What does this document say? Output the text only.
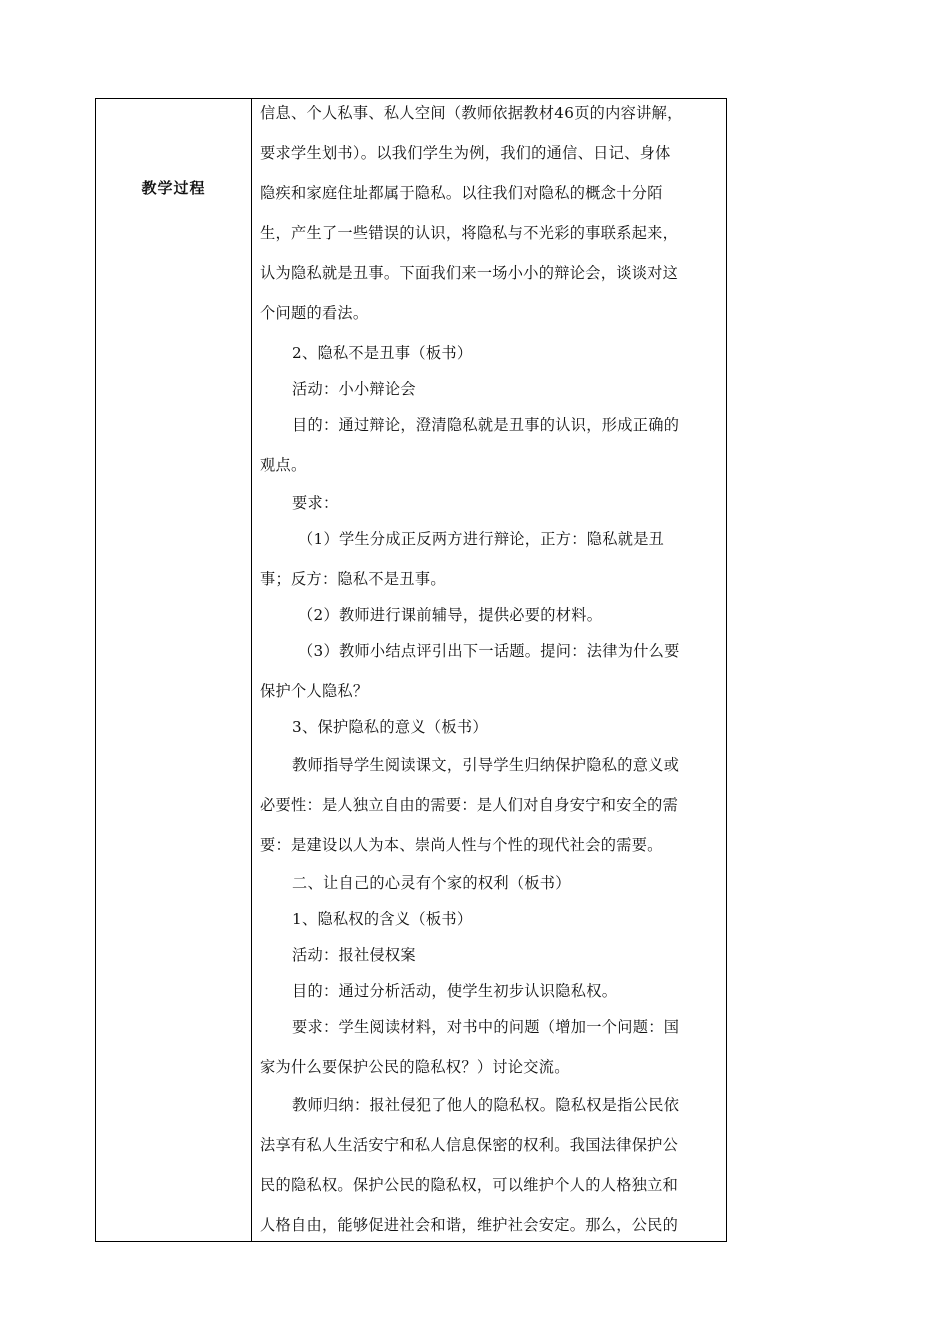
教学过程
信息、个人私事、私人空间（教师依据教材46页的内容讲解，
要求学生划书）。以我们学生为例，我们的通信、日记、身体
隐疾和家庭住址都属于隐私。以往我们对隐私的概念十分陌
生，产生了一些错误的认识，将隐私与不光彩的事联系起来，
认为隐私就是丑事。下面我们来一场小小的辩论会，谈谈对这
个问题的看法。
2、隐私不是丑事（板书）
活动：小小辩论会
目的：通过辩论，澄清隐私就是丑事的认识，形成正确的
观点。
要求：
（1）学生分成正反两方进行辩论，正方：隐私就是丑
事；反方：隐私不是丑事。
（2）教师进行课前辅导，提供必要的材料。
（3）教师小结点评引出下一话题。提问：法律为什么要
保护个人隐私？
3、保护隐私的意义（板书）
教师指导学生阅读课文，引导学生归纳保护隐私的意义或
必要性：是人独立自由的需要：是人们对自身安宁和安全的需
要：是建设以人为本、崇尚人性与个性的现代社会的需要。
二、让自己的心灵有个家的权利（板书）
1、隐私权的含义（板书）
活动：报社侵权案
目的：通过分析活动，使学生初步认识隐私权。
要求：学生阅读材料，对书中的问题（增加一个问题：国
家为什么要保护公民的隐私权？）讨论交流。
教师归纳：报社侵犯了他人的隐私权。隐私权是指公民依
法享有私人生活安宁和私人信息保密的权利。我国法律保护公
民的隐私权。保护公民的隐私权，可以维护个人的人格独立和
人格自由，能够促进社会和谐，维护社会安定。那么，公民的
